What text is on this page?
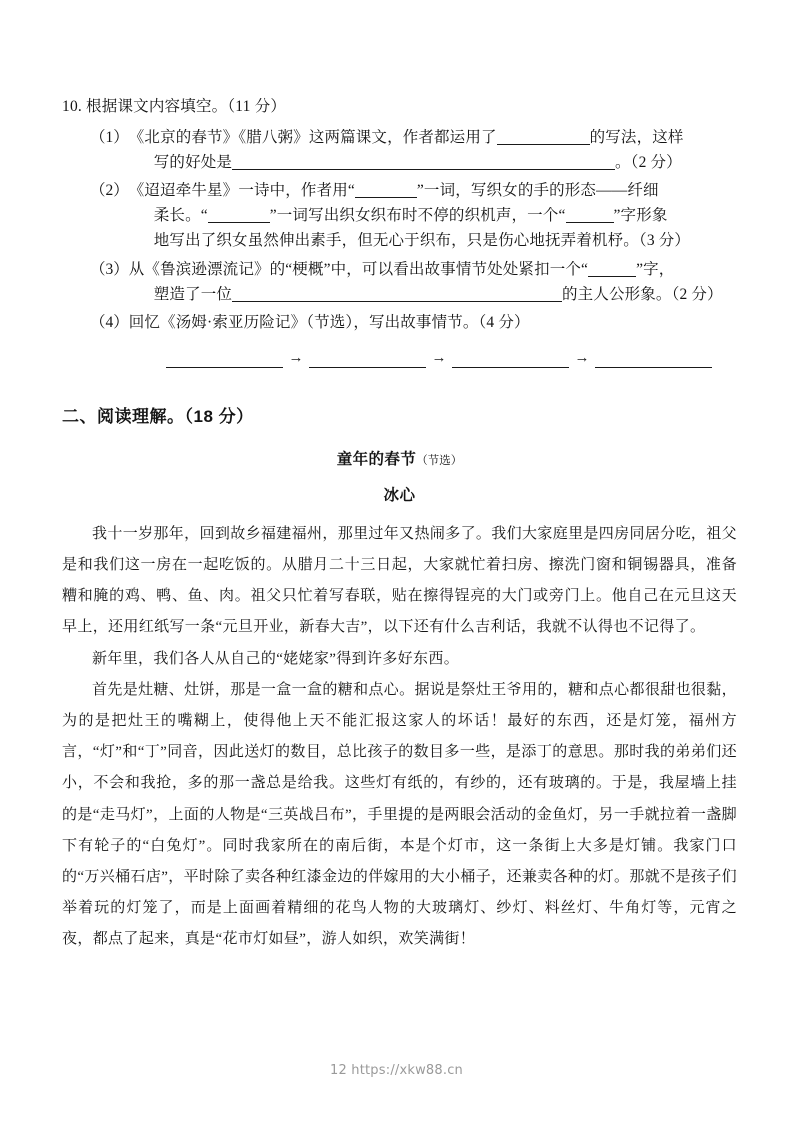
10. 根据课文内容填空。（11 分）
（1） 《北京的春节》《腊八粥》这两篇课文，作者都运用了	的写法，这样
写的好处是	。（2 分）
（2） 《迢迢牵牛星》一诗中，作者用“	”一词，写织女的手的形态——纤细
柔长。“	”一词写出织女织布时不停的织机声，一个“	”字形象
地写出了织女虽然伸出素手，但无心于织布，只是伤心地抚弄着机杼。（3 分）
（3） 从《鲁滨逊漂流记》的“梗概”中，可以看出故事情节处处紧扣一个“	”字，
塑造了一位	的主人公形象。（2 分）
（4） 回忆《汤姆·索亚历险记》（节选），写出故事情节。（4 分）
→	→	→
二、阅读理解。（18 分）
童年的春节（节选）
冰心

我十一岁那年，回到故乡福建福州，那里过年又热闹多了。我们大家庭里是四房同居分吃，祖父是和我们这一房在一起吃饭的。从腊月二十三日起，大家就忙着扫房、擦洗门窗和铜锡器具，准备糟和腌的鸡、鸭、鱼、肉。祖父只忙着写春联，贴在擦得锃亮的大门或旁门上。他自己在元旦这天早上，还用红纸写一条“元旦开业，新春大吉”，以下还有什么吉利话，我就不认得也不记得了。

新年里，我们各人从自己的“姥姥家”得到许多好东西。

首先是灶糖、灶饼，那是一盒一盒的糖和点心。据说是祭灶王爷用的，糖和点心都很甜也很黏，为的是把灶王的嘴糊上，使得他上天不能汇报这家人的坏话！最好的东西，还是灯笼，福州方言，“灯”和“丁”同音，因此送灯的数目，总比孩子的数目多一些，是添丁的意思。那时我的弟弟们还小，不会和我抢，多的那一盏总是给我。这些灯有纸的，有纱的，还有玻璃的。于是，我屋墙上挂的是“走马灯”，上面的人物是“三英战吕布”，手里提的是两眼会活动的金鱼灯，另一手就拉着一盏脚下有轮子的“白兔灯”。同时我家所在的南后街，本是个灯市，这一条街上大多是灯铺。我家门口的“万兴桶石店”，平时除了卖各种红漆金边的伴嫁用的大小桶子，还兼卖各种的灯。那就不是孩子们举着玩的灯笼了，而是上面画着精细的花鸟人物的大玻璃灯、纱灯、料丝灯、牛角灯等，元宵之夜，都点了起来，真是“花市灯如昼”，游人如织，欢笑满街！

12 https://xkw88.cn
